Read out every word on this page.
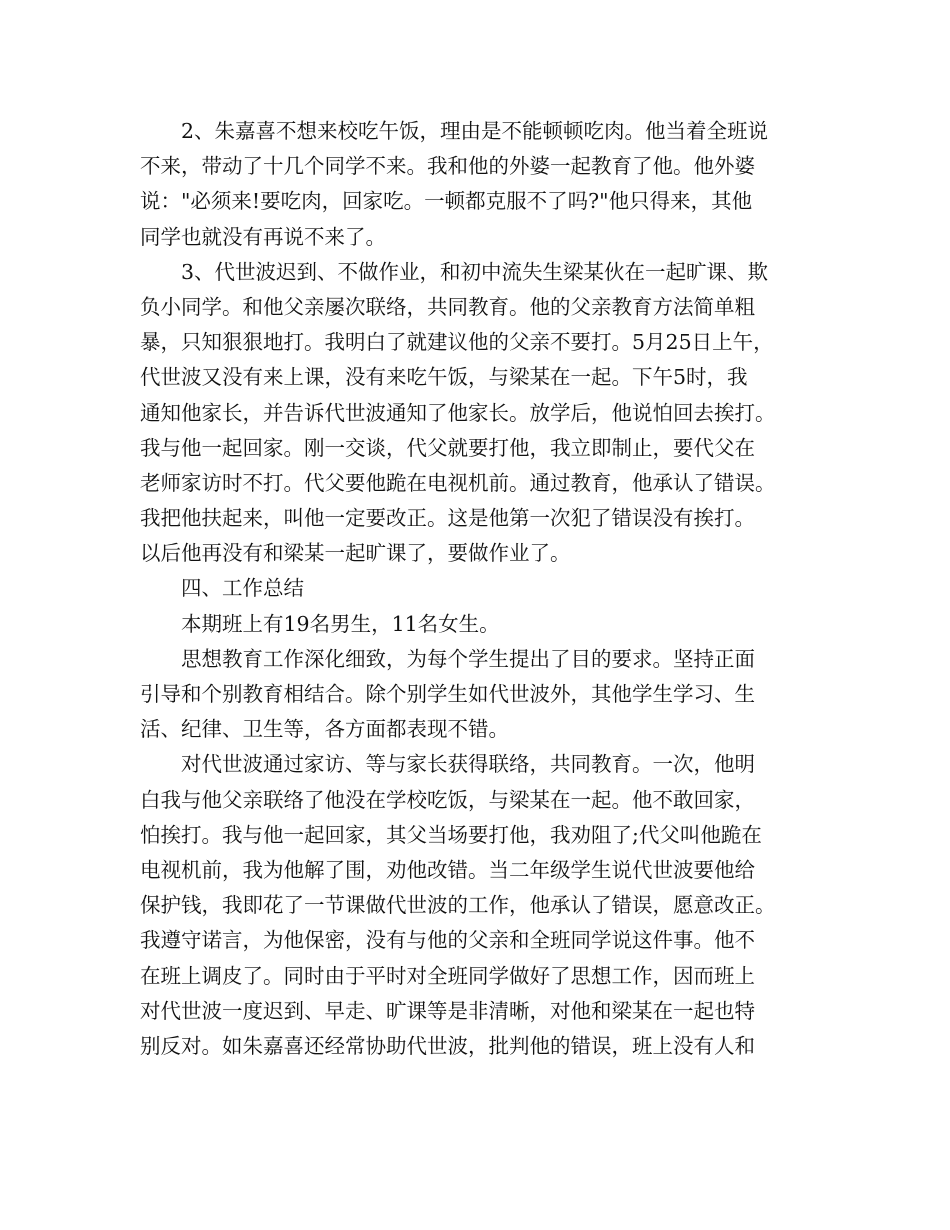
2、朱嘉喜不想来校吃午饭，理由是不能顿顿吃肉。他当着全班说
不来，带动了十几个同学不来。我和他的外婆一起教育了他。他外婆
说："必须来!要吃肉，回家吃。一顿都克服不了吗?"他只得来，其他
同学也就没有再说不来了。
3、代世波迟到、不做作业，和初中流失生梁某伙在一起旷课、欺
负小同学。和他父亲屡次联络，共同教育。他的父亲教育方法简单粗
暴，只知狠狠地打。我明白了就建议他的父亲不要打。5月25日上午，
代世波又没有来上课，没有来吃午饭，与梁某在一起。下午5时，我
通知他家长，并告诉代世波通知了他家长。放学后，他说怕回去挨打。
我与他一起回家。刚一交谈，代父就要打他，我立即制止，要代父在
老师家访时不打。代父要他跪在电视机前。通过教育，他承认了错误。
我把他扶起来，叫他一定要改正。这是他第一次犯了错误没有挨打。
以后他再没有和梁某一起旷课了，要做作业了。
四、工作总结
本期班上有19名男生，11名女生。
思想教育工作深化细致，为每个学生提出了目的要求。坚持正面
引导和个别教育相结合。除个别学生如代世波外，其他学生学习、生
活、纪律、卫生等，各方面都表现不错。
对代世波通过家访、等与家长获得联络，共同教育。一次，他明
白我与他父亲联络了他没在学校吃饭，与梁某在一起。他不敢回家，
怕挨打。我与他一起回家，其父当场要打他，我劝阻了;代父叫他跪在
电视机前，我为他解了围，劝他改错。当二年级学生说代世波要他给
保护钱，我即花了一节课做代世波的工作，他承认了错误，愿意改正。
我遵守诺言，为他保密，没有与他的父亲和全班同学说这件事。他不
在班上调皮了。同时由于平时对全班同学做好了思想工作，因而班上
对代世波一度迟到、早走、旷课等是非清晰，对他和梁某在一起也特
别反对。如朱嘉喜还经常协助代世波，批判他的错误，班上没有人和
